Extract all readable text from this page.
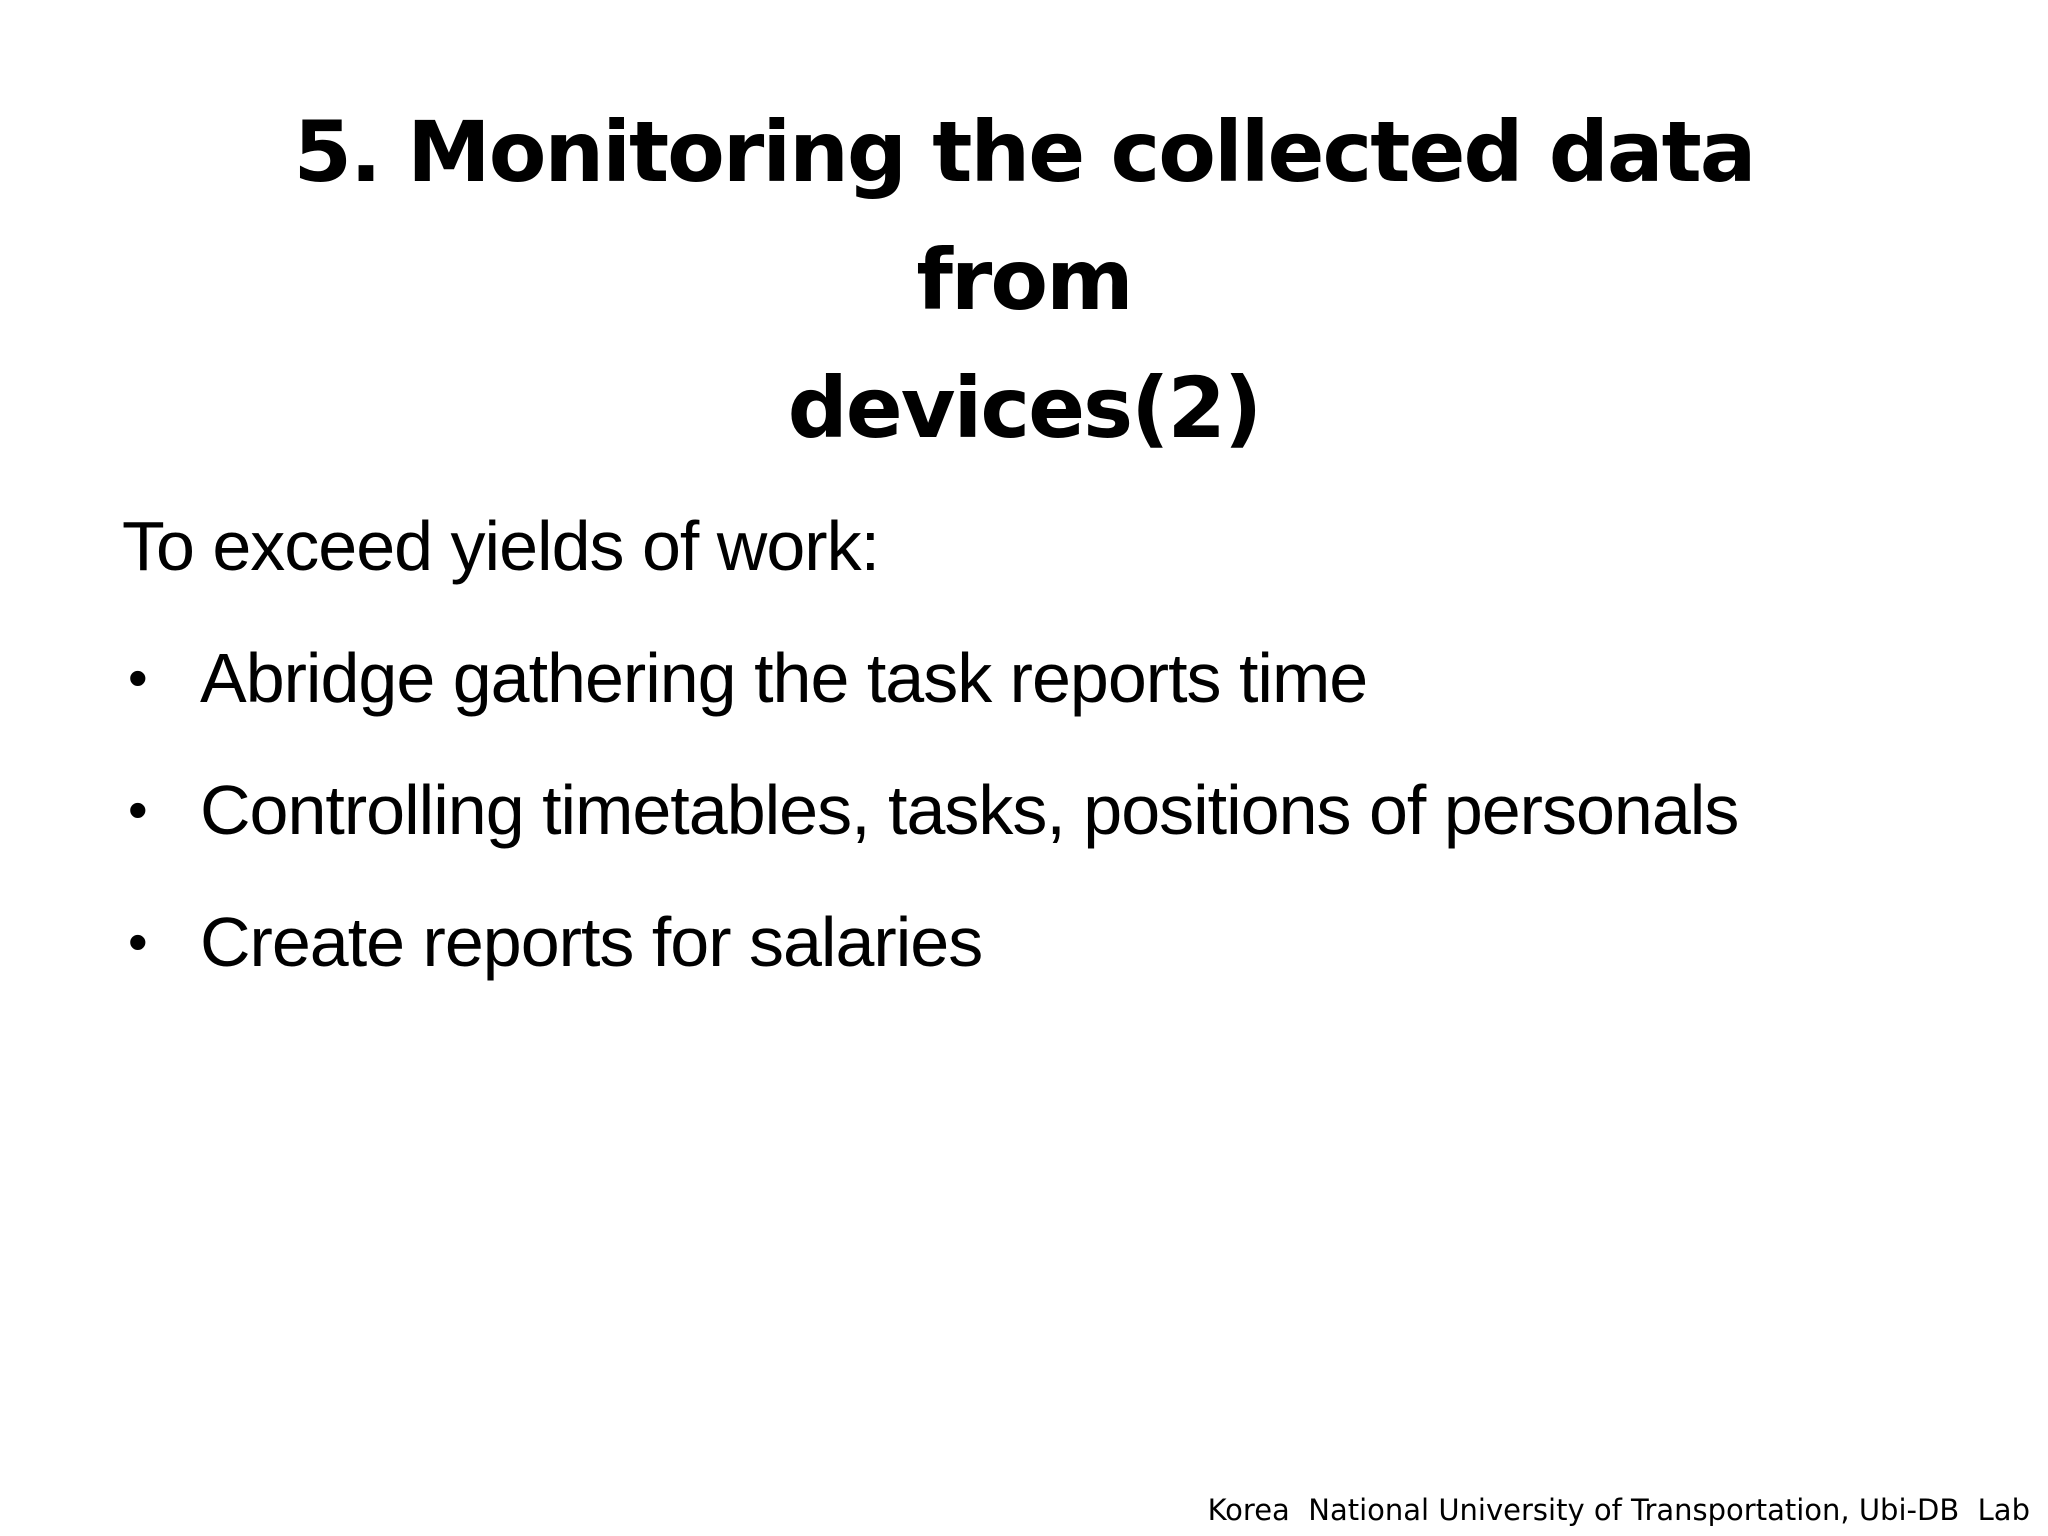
5. Monitoring the collected data from
devices(2)

To exceed yields of work:

• Abridge gathering the task reports time
• Controlling timetables, tasks, positions of personals
• Create reports for salaries
Korea  National University of Transportation, Ubi-DB  Lab
